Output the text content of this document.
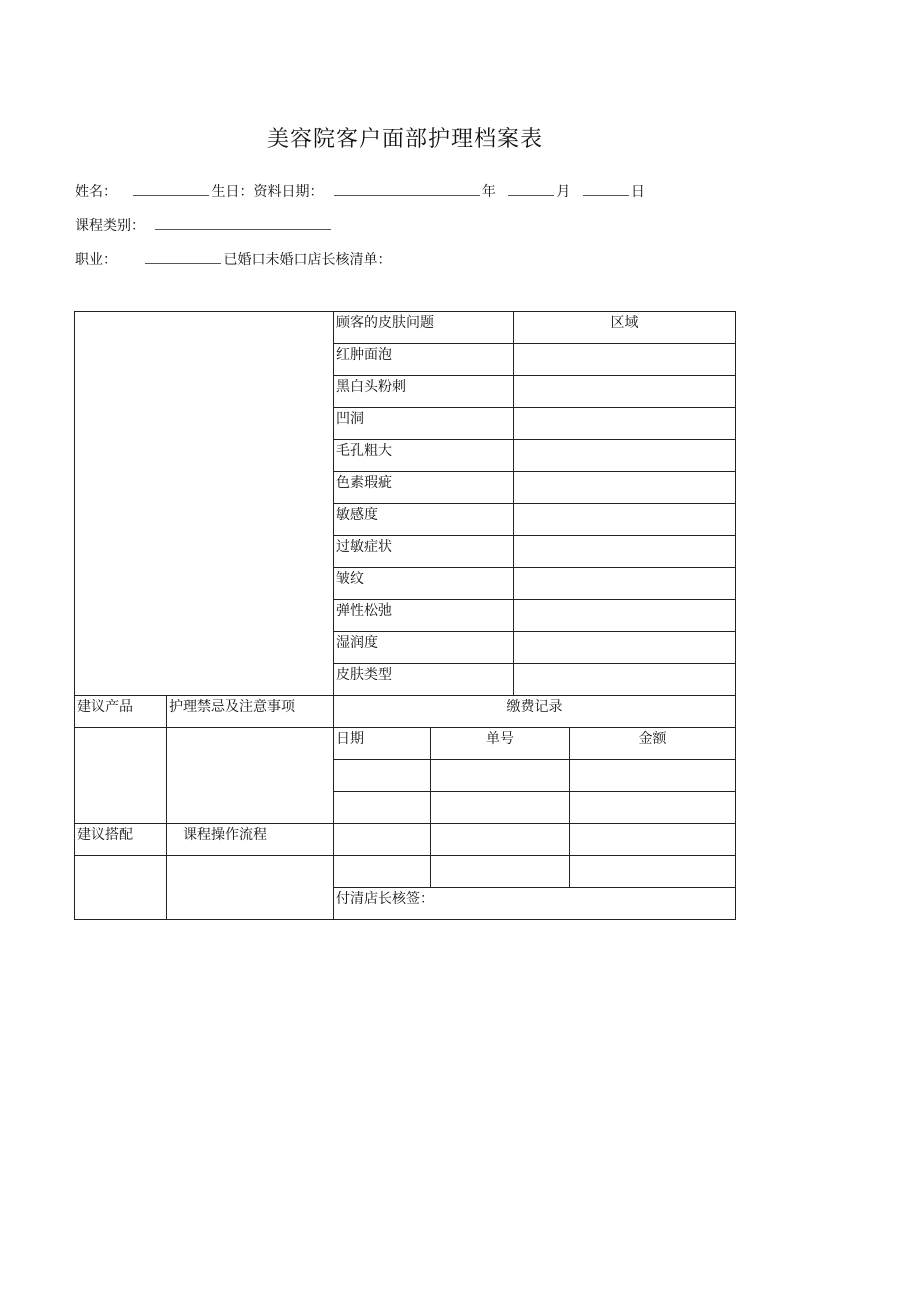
美容院客户面部护理档案表
姓名：	生日：资料日期：	年	月	日
课程类别：
职业：	已婚口未婚口店长核清单：
		顾客的皮肤问题		区域	
		红肿面泡			
		黑白头粉刺			
		凹洞			
		毛孔粗大			
		色素瑕疵			
		敏感度			
		过敏症状			
		皱纹			
		弹性松弛			
		湿润度			
		皮肤类型			
建议产品	护理禁忌及注意事项	缴费记录			
		日期	单号		金额

建议搭配	课程操作流程				

		付清店长核签：			
